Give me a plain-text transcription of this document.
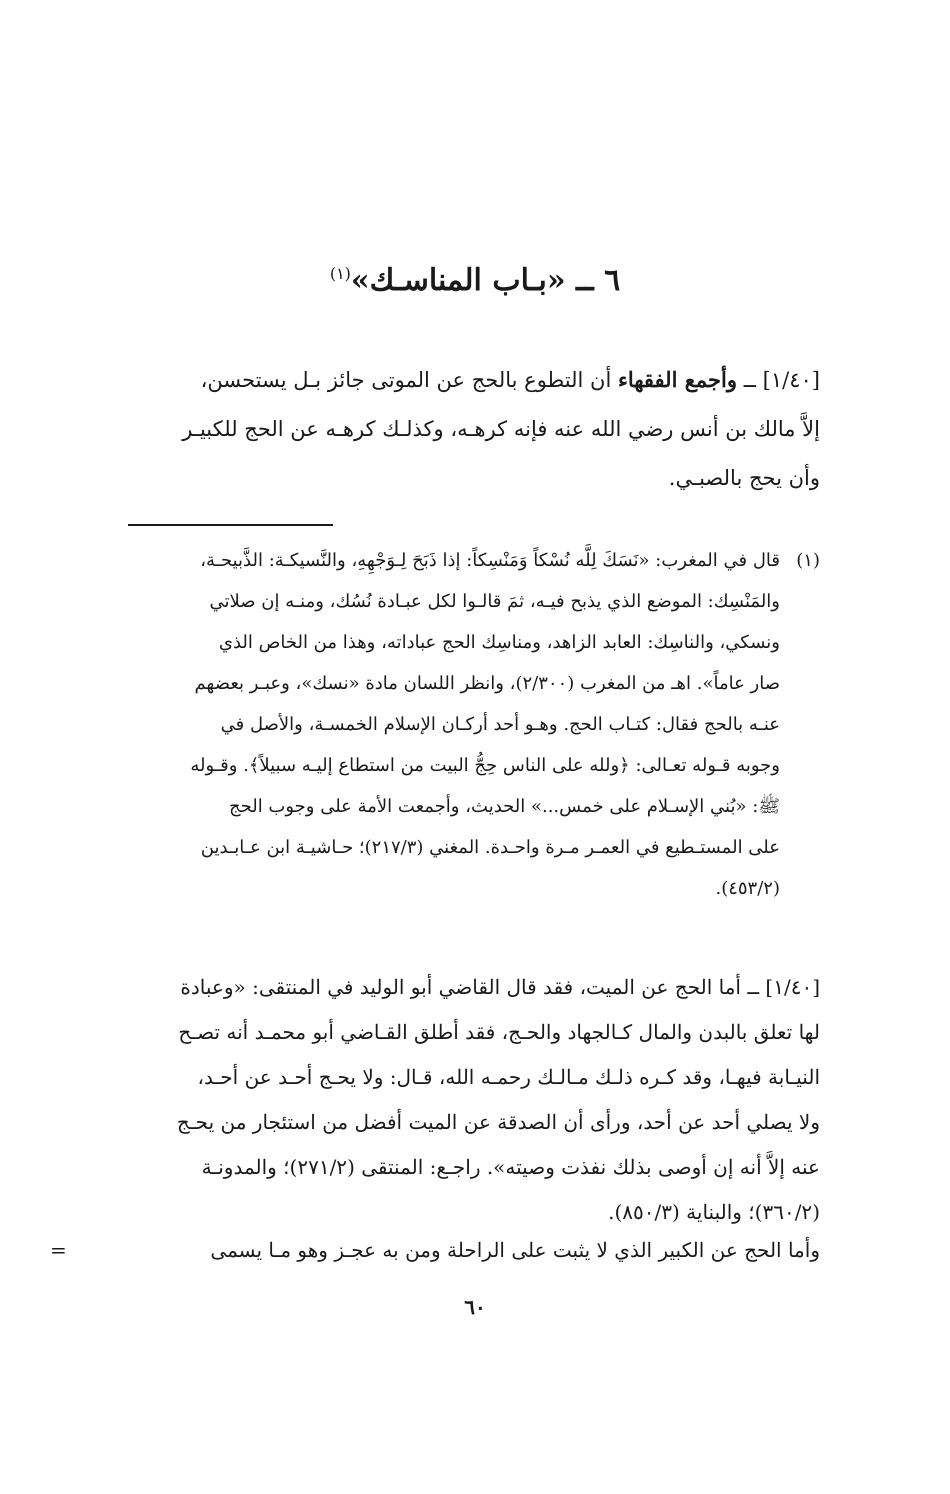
٦ ــ «بـاب المناسـك»$^{(١)}$
[١/٤٠] ــ وأجمع الفقهاء أن التطوع بالحج عن الموتى جائز بـل يستحسن،
إلاَّ مالك بن أنس رضي الله عنه فإنه كرهـه، وكذلـك كرهـه عن الحج للكبيـر
وأن يحج بالصبـي.
(١)
قال في المغرب: «نَسَكَ لِلَّه نُسْكاً وَمَنْسِكاً: إذا ذَبَحَ لِـوَجْهِهِ، والنَّسيكـة: الذَّبيحـة،
والمَنْسِك: الموضع الذي يذبح فيـه، ثمَ قالـوا لكل عبـادة نُسُك، ومنـه إن صلاتي
ونسكي، والناسِك: العابد الزاهد، ومناسِك الحج عباداته، وهذا من الخاص الذي
صار عاماً». اهـ من المغرب (٢/٣٠٠)، وانظر اللسان مادة «نسك»، وعبـر بعضهم
عنـه بالحج فقال: كتـاب الحج. وهـو أحد أركـان الإسلام الخمسـة، والأصل في
وجوبه قـوله تعـالى: ﴿ولله على الناس حِجُّ البيت من استطاع إليـه سبيلاً﴾. وقـوله
ﷺ: «بُني الإسـلام على خمس...» الحديث، وأجمعت الأمة على وجوب الحج
على المستـطيع في العمـر مـرة واحـدة. المغني (٢١٧/٣)؛ حـاشيـة ابن عـابـدين
(٤٥٣/٢).
[١/٤٠] ــ أما الحج عن الميت، فقد قال القاضي أبو الوليد في المنتقى: «وعبادة
لها تعلق بالبدن والمال كـالجهاد والحـج، فقد أطلق القـاضي أبو محمـد أنه تصـح
النيـابة فيهـا، وقد كـره ذلـك مـالـك رحمـه الله، قـال: ولا يحـج أحـد عن أحـد،
ولا يصلي أحد عن أحد، ورأى أن الصدقة عن الميت أفضل من استئجار من يحـج
عنه إلاَّ أنه إن أوصى بذلك نفذت وصيته». راجـع: المنتقى (٢٧١/٢)؛ والمدونـة
(٣٦٠/٢)؛ والبناية (٨٥٠/٣).
وأما الحج عن الكبير الذي لا يثبت على الراحلة ومن به عجـز وهو مـا يسمى
=
٦٠
